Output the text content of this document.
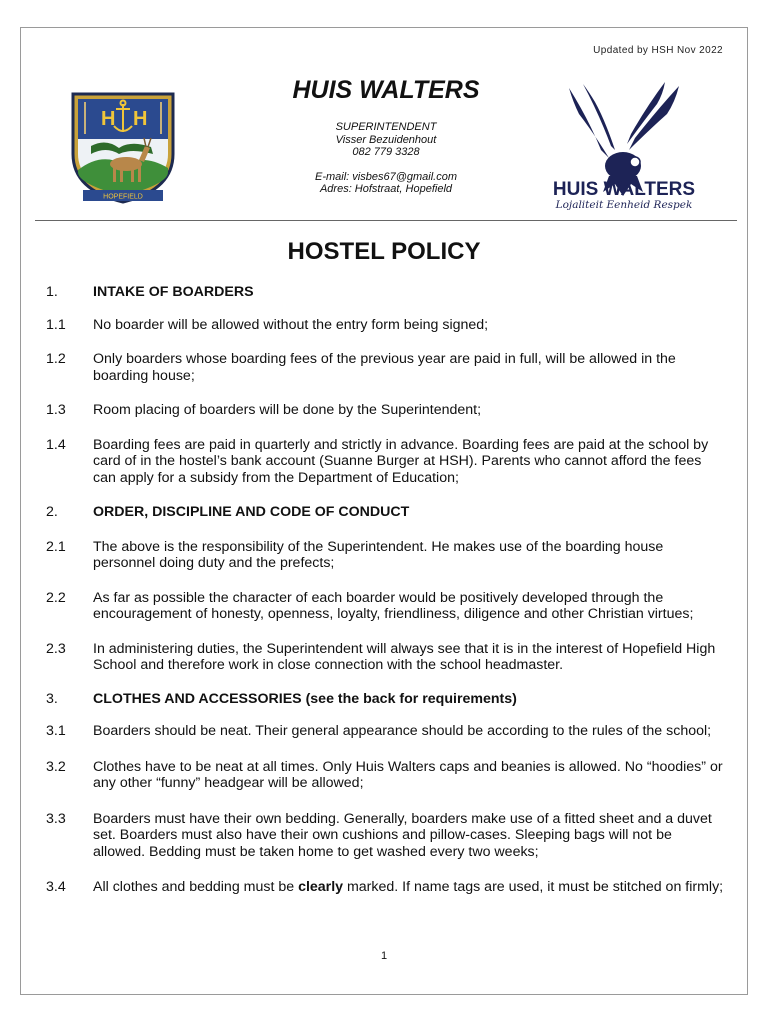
Updated by HSH Nov 2022
H H
HOPEFIELD
HUIS WALTERS
SUPERINTENDENT
Visser Bezuidenhout
082 779 3328
E-mail: visbes67@gmail.com
Adres: Hofstraat, Hopefield	HUIS WALTERS
Lojaliteit Eenheid Respek
HOSTEL POLICY
1.	INTAKE OF BOARDERS
1.1	No boarder will be allowed without the entry form being signed;
1.2	Only boarders whose boarding fees of the previous year are paid in full, will be allowed in the boarding house;
1.3	Room placing of boarders will be done by the Superintendent;
1.4	Boarding fees are paid in quarterly and strictly in advance. Boarding fees are paid at the school by card of in the hostel’s bank account (Suanne Burger at HSH). Parents who cannot afford the fees can apply for a subsidy from the Department of Education;
2.	ORDER, DISCIPLINE AND CODE OF CONDUCT
2.1	The above is the responsibility of the Superintendent. He makes use of the boarding house personnel doing duty and the prefects;
2.2	As far as possible the character of each boarder would be positively developed through the encouragement of honesty, openness, loyalty, friendliness, diligence and other Christian virtues;
2.3	In administering duties, the Superintendent will always see that it is in the interest of Hopefield High School and therefore work in close connection with the school headmaster.
3.	CLOTHES AND ACCESSORIES (see the back for requirements)
3.1	Boarders should be neat. Their general appearance should be according to the rules of the school;
3.2	Clothes have to be neat at all times. Only Huis Walters caps and beanies is allowed. No “hoodies” or any other “funny” headgear will be allowed;
3.3	Boarders must have their own bedding. Generally, boarders make use of a fitted sheet and a duvet set. Boarders must also have their own cushions and pillow-cases. Sleeping bags will not be allowed. Bedding must be taken home to get washed every two weeks;
3.4	All clothes and bedding must be clearly marked. If name tags are used, it must be stitched on firmly;
1
